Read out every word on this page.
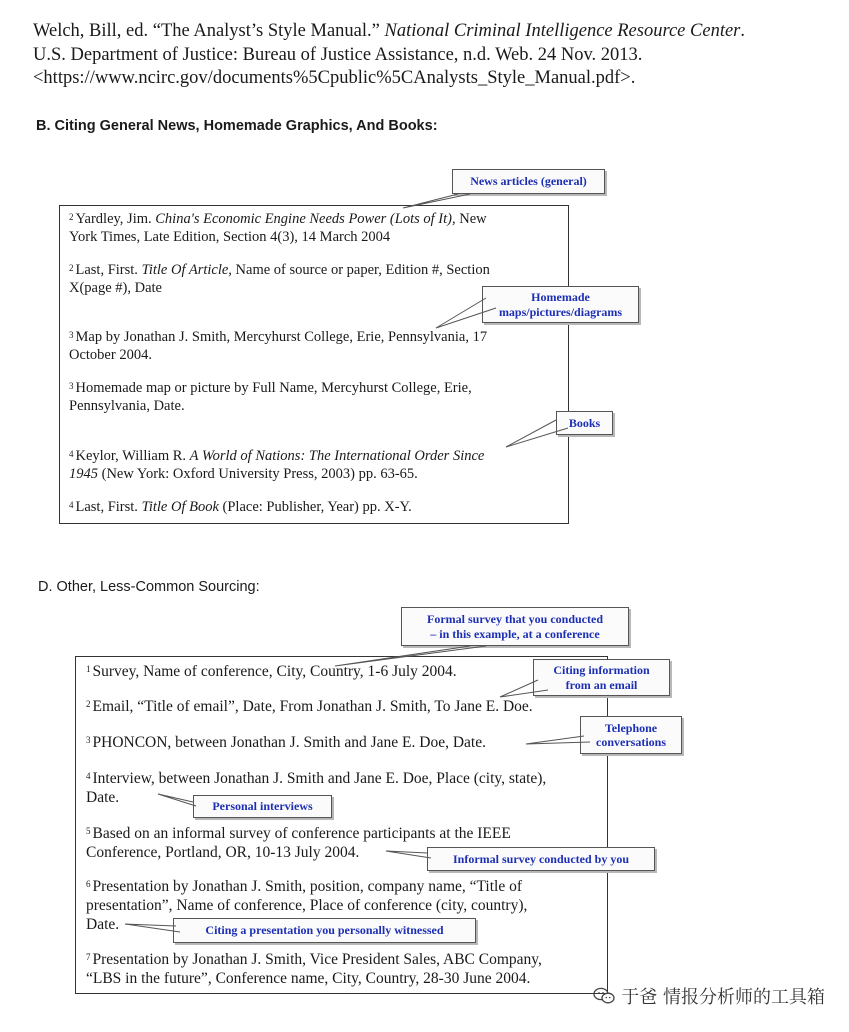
Welch, Bill, ed. “The Analyst’s Style Manual.” National Criminal Intelligence Resource Center.
U.S. Department of Justice: Bureau of Justice Assistance, n.d. Web. 24 Nov. 2013.
<https://www.ncirc.gov/documents%5Cpublic%5CAnalysts_Style_Manual.pdf>.
B. Citing General News, Homemade Graphics, And Books:
$^2$ Yardley, Jim. China's Economic Engine Needs Power (Lots of It), New
York Times, Late Edition, Section 4(3), 14 March 2004
$^2$ Last, First. Title Of Article, Name of source or paper, Edition #, Section
X(page #), Date
$^3$ Map by Jonathan J. Smith, Mercyhurst College, Erie, Pennsylvania, 17
October 2004.
$^3$ Homemade map or picture by Full Name, Mercyhurst College, Erie,
Pennsylvania, Date.
$^4$ Keylor, William R. A World of Nations: The International Order Since
1945 (New York: Oxford University Press, 2003) pp. 63-65.
$^4$ Last, First. Title Of Book (Place: Publisher, Year) pp. X-Y.
News articles (general)
Homemade
maps/pictures/diagrams
Books
D. Other, Less-Common Sourcing:
$^1$ Survey, Name of conference, City, Country, 1-6 July 2004.
$^2$ Email, “Title of email”, Date, From Jonathan J. Smith, To Jane E. Doe.
$^3$ PHONCON, between Jonathan J. Smith and Jane E. Doe, Date.
$^4$ Interview, between Jonathan J. Smith and Jane E. Doe, Place (city, state),
Date.
$^5$ Based on an informal survey of conference participants at the IEEE
Conference, Portland, OR, 10-13 July 2004.
$^6$ Presentation by Jonathan J. Smith, position, company name, “Title of
presentation”, Name of conference, Place of conference (city, country),
Date.
$^7$ Presentation by Jonathan J. Smith, Vice President Sales, ABC Company,
“LBS in the future”, Conference name, City, Country, 28-30 June 2004.
Formal survey that you conducted
– in this example, at a conference
Citing information
from an email
Telephone
conversations
Personal interviews
Informal survey conducted by you
Citing a presentation you personally witnessed
于爸 情报分析师的工具箱
